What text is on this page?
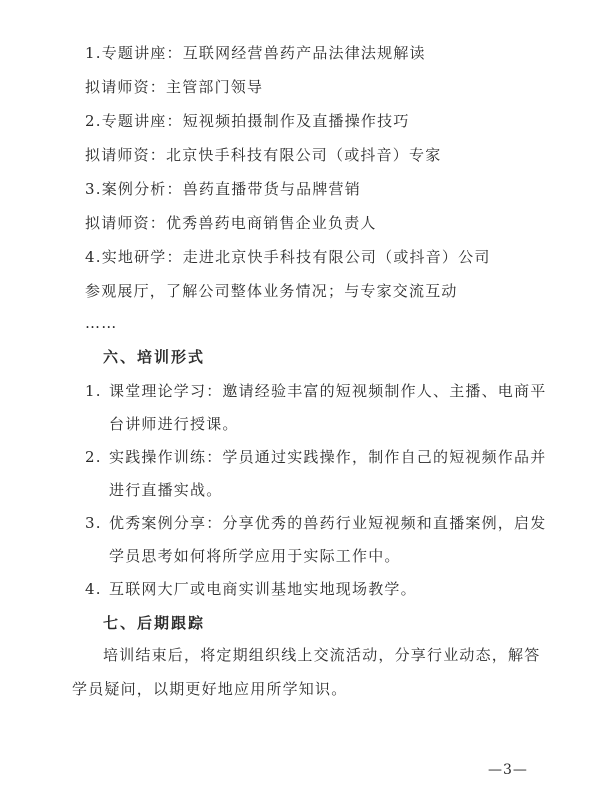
1.专题讲座：互联网经营兽药产品法律法规解读
拟请师资：主管部门领导
2.专题讲座：短视频拍摄制作及直播操作技巧
拟请师资：北京快手科技有限公司（或抖音）专家
3.案例分析：兽药直播带货与品牌营销
拟请师资：优秀兽药电商销售企业负责人
4.实地研学：走进北京快手科技有限公司（或抖音）公司
参观展厅，了解公司整体业务情况；与专家交流互动
……
六、培训形式
1. 课堂理论学习：邀请经验丰富的短视频制作人、主播、电商平
台讲师进行授课。
2. 实践操作训练：学员通过实践操作，制作自己的短视频作品并
进行直播实战。
3. 优秀案例分享：分享优秀的兽药行业短视频和直播案例，启发
学员思考如何将所学应用于实际工作中。
4. 互联网大厂或电商实训基地实地现场教学。
七、后期跟踪
培训结束后，将定期组织线上交流活动，分享行业动态，解答
学员疑问，以期更好地应用所学知识。
—3—
